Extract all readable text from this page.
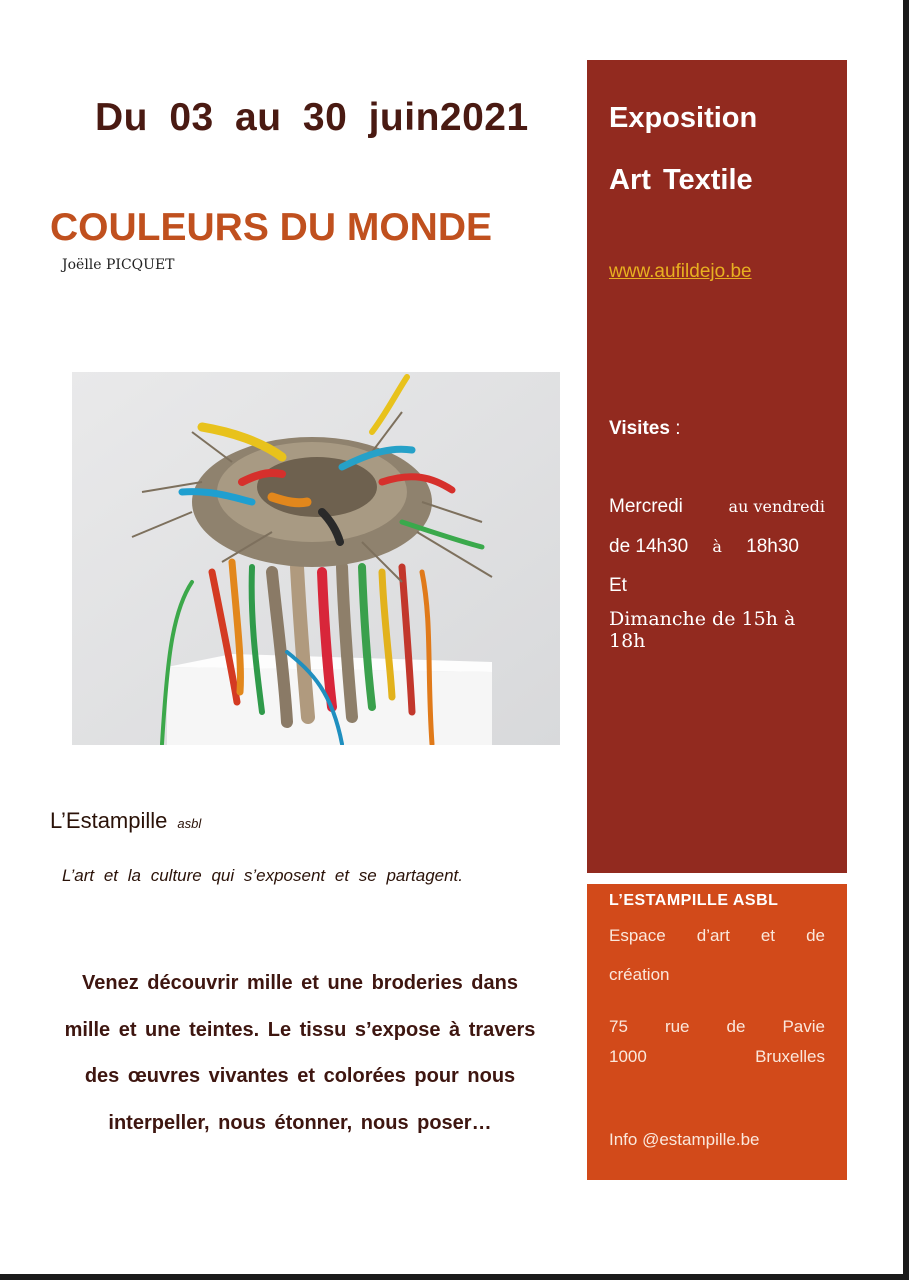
Du 03 au 30 juin2021
COULEURS DU MONDE
Joëlle PICQUET
L’Estampille asbl
L’art et la culture qui s’exposent et se partagent.

Venez découvrir mille et une broderies dans mille et une teintes. Le tissu s’expose à travers des œuvres vivantes et colorées pour nous interpeller, nous étonner, nous poser…

Exposition
Art Textile
www.aufildejo.be
Visites :
Mercredi	au vendredi
de 14h30 à 18h30
Et
Dimanche de 15h à 18h
L’ESTAMPILLE ASBL
Espace d’art et de
création
75 rue de Pavie
1000	Bruxelles
Info @estampille.be
